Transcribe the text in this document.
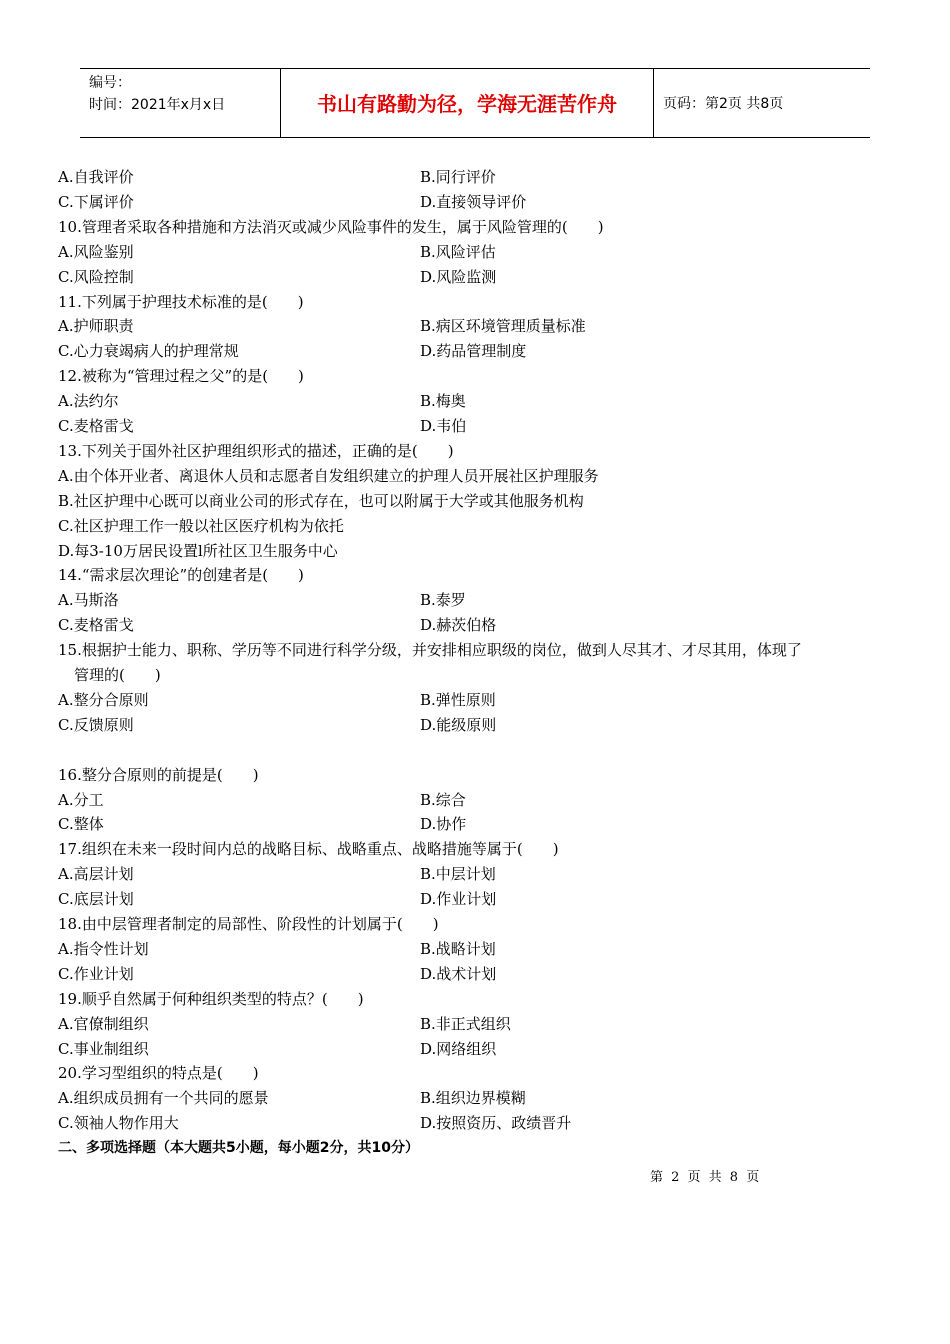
编号：
时间：2021年x月x日	书山有路勤为径，学海无涯苦作舟	页码：第2页 共8页
A.自我评价	B.同行评价
C.下属评价	D.直接领导评价
10.管理者采取各种措施和方法消灭或减少风险事件的发生，属于风险管理的(　　)
A.风险鉴别	B.风险评估
C.风险控制	D.风险监测
11.下列属于护理技术标准的是(　　)
A.护师职责	B.病区环境管理质量标准
C.心力衰竭病人的护理常规	D.药品管理制度
12.被称为“管理过程之父”的是(　　)
A.法约尔	B.梅奥
C.麦格雷戈	D.韦伯
13.下列关于国外社区护理组织形式的描述，正确的是(　　)
A.由个体开业者、离退休人员和志愿者自发组织建立的护理人员开展社区护理服务
B.社区护理中心既可以商业公司的形式存在，也可以附属于大学或其他服务机构
C.社区护理工作一般以社区医疗机构为依托
D.每3-10万居民设置l所社区卫生服务中心
14.“需求层次理论”的创建者是(　　)
A.马斯洛	B.泰罗
C.麦格雷戈	D.赫茨伯格
15.根据护士能力、职称、学历等不同进行科学分级，并安排相应职级的岗位，做到人尽其才、才尽其用，体现了
管理的(　　)
A.整分合原则	B.弹性原则
C.反馈原则	D.能级原则
16.整分合原则的前提是(　　)
A.分工	B.综合
C.整体	D.协作
17.组织在未来一段时间内总的战略目标、战略重点、战略措施等属于(　　)
A.高层计划	B.中层计划
C.底层计划	D.作业计划
18.由中层管理者制定的局部性、阶段性的计划属于(　　)
A.指令性计划	B.战略计划
C.作业计划	D.战术计划
19.顺乎自然属于何种组织类型的特点？(　　)
A.官僚制组织	B.非正式组织
C.事业制组织	D.网络组织
20.学习型组织的特点是(　　)
A.组织成员拥有一个共同的愿景	B.组织边界模糊
C.领袖人物作用大	D.按照资历、政绩晋升
二、多项选择题（本大题共5小题，每小题2分，共10分）
第 2 页 共 8 页
